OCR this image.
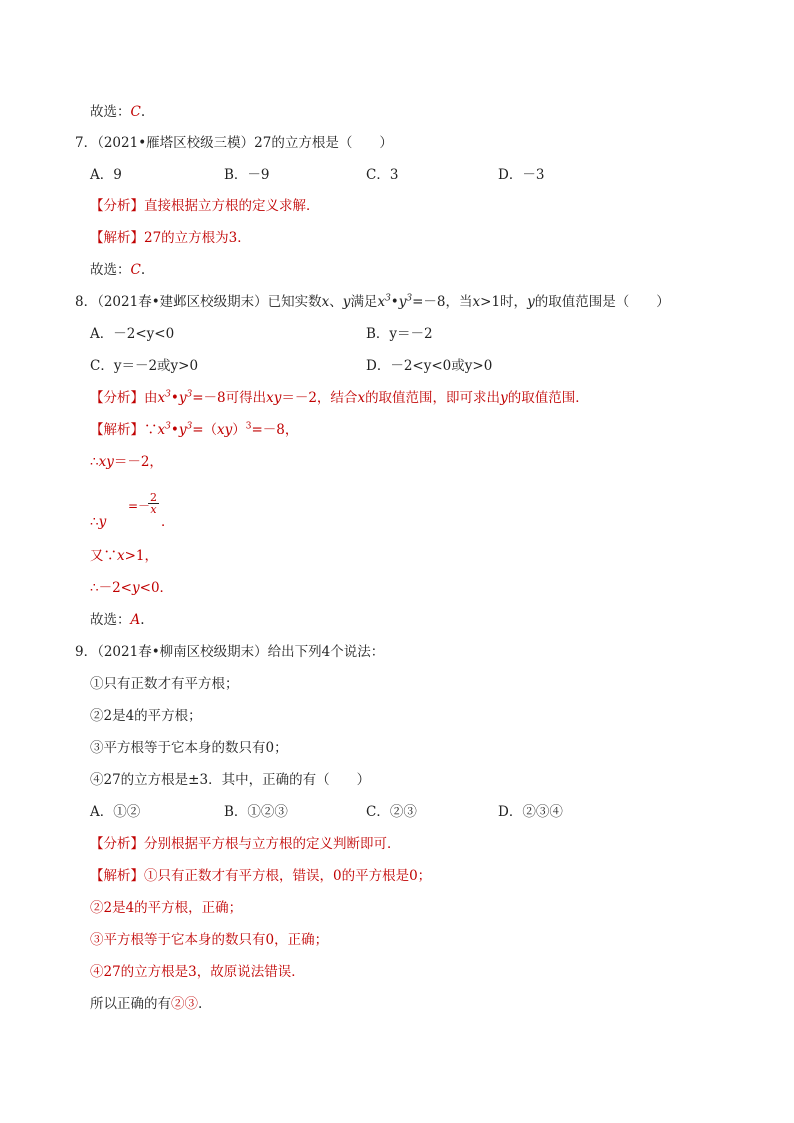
故选：C.
7．（2021•雁塔区校级三模）27的立方根是（　　）
A．9	B．－9	C．3	D．－3
【分析】直接根据立方根的定义求解．
【解析】27的立方根为3．
故选：C.
8．（2021春•建邺区校级期末）已知实数x、y满足$x^3•y^3=-8$，当x>1时，y的取值范围是（　　）
A．－2<y<0	B．y＝－2
C．y＝－2或y>0	D．－2<y<0或y>0
【分析】由$x^3•y^3=-8$可得出xy＝－2，结合x的取值范围，即可求出y的取值范围．
【解析】$\because x^3•y^3=(xy)^3=-8$，
∴xy＝－2，
∴y
=－
$\frac{2}{x}$
．
又∵x>1，
∴－2<y<0．
故选：A.
9．（2021春•柳南区校级期末）给出下列4个说法：
①只有正数才有平方根；
②2是4的平方根；
③平方根等于它本身的数只有0；
④27的立方根是±3．其中，正确的有（　　）
A．①②	B．①②③	C．②③	D．②③④
【分析】分别根据平方根与立方根的定义判断即可．
【解析】①只有正数才有平方根，错误，0的平方根是0；
②2是4的平方根，正确；
③平方根等于它本身的数只有0，正确；
④27的立方根是3，故原说法错误．
所以正确的有②③.
